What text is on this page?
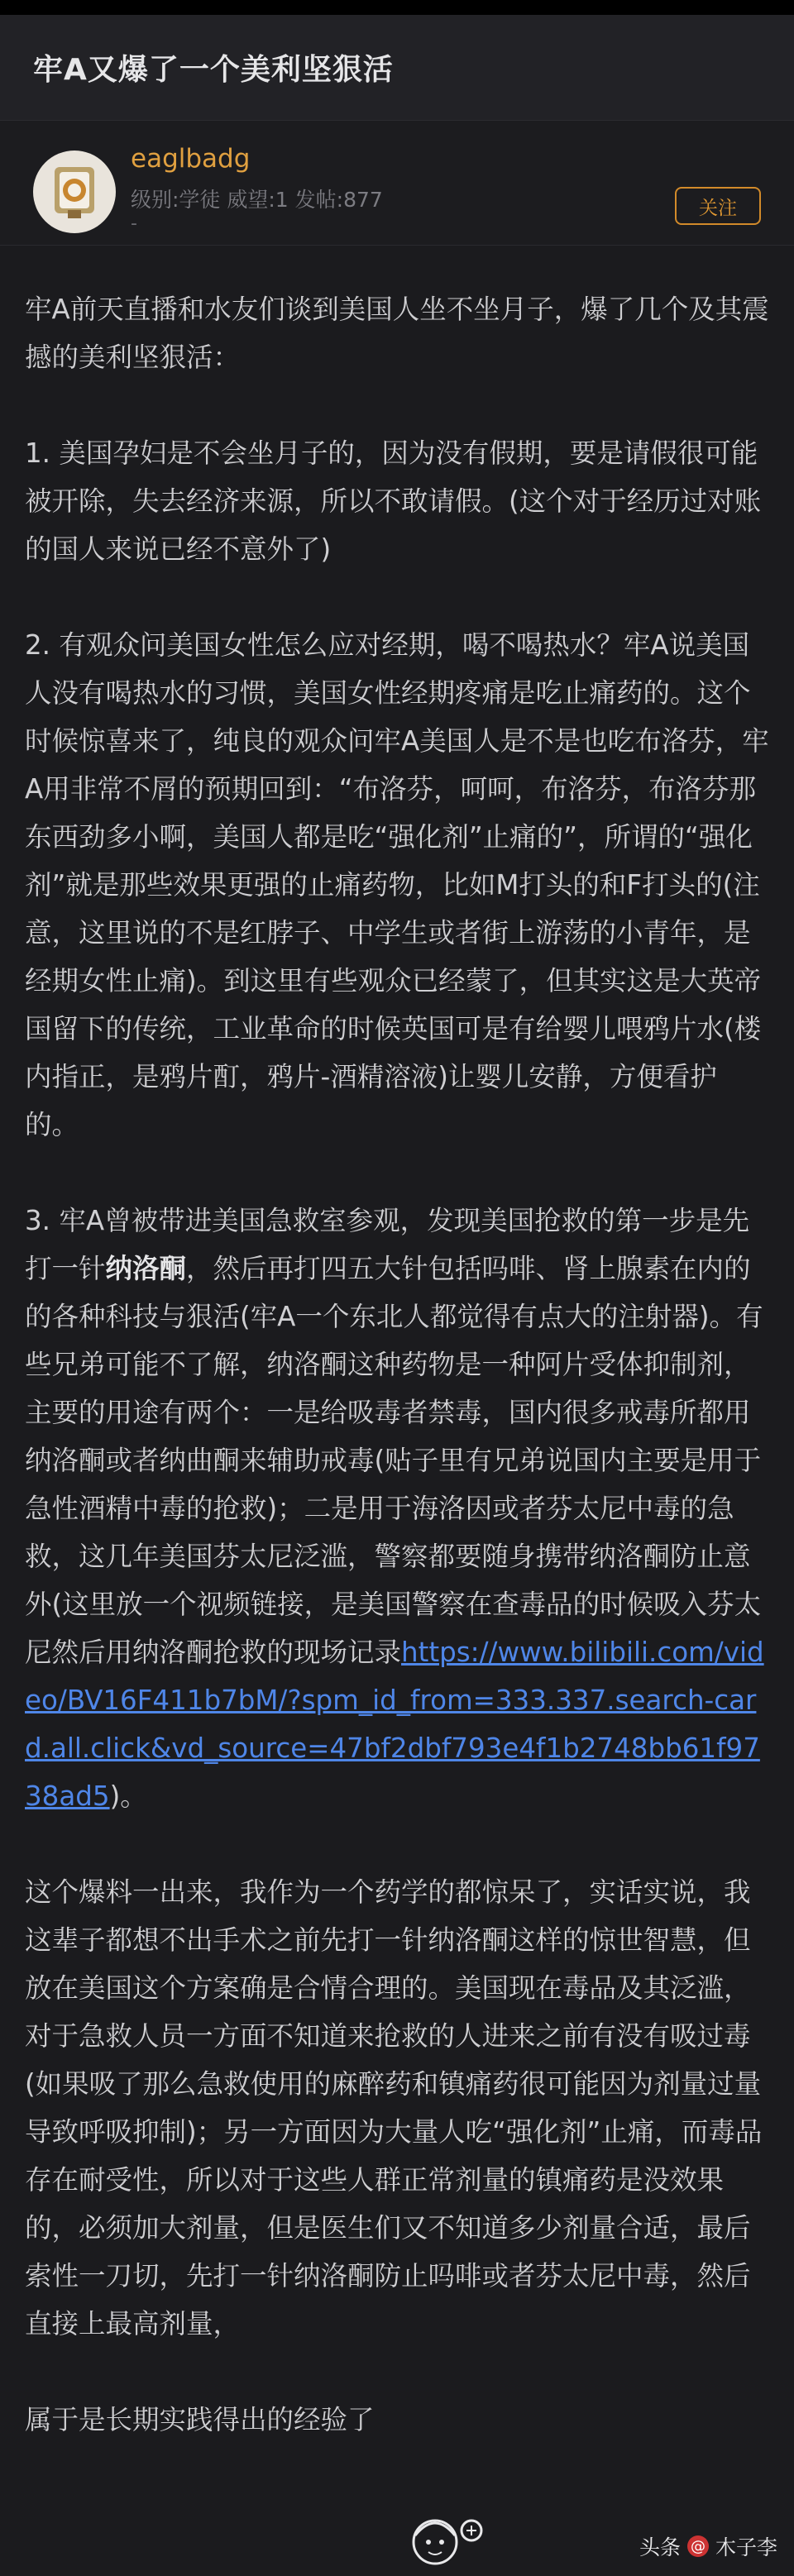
牢A又爆了一个美利坚狠活
eaglbadg
级别:学徒 威望:1 发帖:877
-
关注

牢A前天直播和水友们谈到美国人坐不坐月子，爆了几个及其震撼的美利坚狠活：

1. 美国孕妇是不会坐月子的，因为没有假期，要是请假很可能被开除，失去经济来源，所以不敢请假。(这个对于经历过对账的国人来说已经不意外了)

2. 有观众问美国女性怎么应对经期，喝不喝热水？牢A说美国人没有喝热水的习惯，美国女性经期疼痛是吃止痛药的。这个时候惊喜来了，纯良的观众问牢A美国人是不是也吃布洛芬，牢A用非常不屑的预期回到：“布洛芬，呵呵，布洛芬，布洛芬那东西劲多小啊，美国人都是吃“强化剂”止痛的”，所谓的“强化剂”就是那些效果更强的止痛药物，比如M打头的和F打头的(注意，这里说的不是红脖子、中学生或者街上游荡的小青年，是经期女性止痛)。到这里有些观众已经蒙了，但其实这是大英帝国留下的传统，工业革命的时候英国可是有给婴儿喂鸦片水(楼内指正，是鸦片酊，鸦片-酒精溶液)让婴儿安静，方便看护的。

3. 牢A曾被带进美国急救室参观，发现美国抢救的第一步是先打一针纳洛酮，然后再打四五大针包括吗啡、肾上腺素在内的的各种科技与狠活(牢A一个东北人都觉得有点大的注射器)。有些兄弟可能不了解，纳洛酮这种药物是一种阿片受体抑制剂，主要的用途有两个：一是给吸毒者禁毒，国内很多戒毒所都用纳洛酮或者纳曲酮来辅助戒毒(贴子里有兄弟说国内主要是用于急性酒精中毒的抢救)；二是用于海洛因或者芬太尼中毒的急救，这几年美国芬太尼泛滥，警察都要随身携带纳洛酮防止意外(这里放一个视频链接，是美国警察在查毒品的时候吸入芬太尼然后用纳洛酮抢救的现场记录https://www.bilibili.com/video/BV16F411b7bM/?spm_id_from=333.337.search-card.all.click&vd_source=47bf2dbf793e4f1b2748bb61f9738ad5)。

这个爆料一出来，我作为一个药学的都惊呆了，实话实说，我这辈子都想不出手术之前先打一针纳洛酮这样的惊世智慧，但放在美国这个方案确是合情合理的。美国现在毒品及其泛滥，对于急救人员一方面不知道来抢救的人进来之前有没有吸过毒(如果吸了那么急救使用的麻醉药和镇痛药很可能因为剂量过量导致呼吸抑制)；另一方面因为大量人吃“强化剂”止痛，而毒品存在耐受性，所以对于这些人群正常剂量的镇痛药是没效果的，必须加大剂量，但是医生们又不知道多少剂量合适，最后索性一刀切，先打一针纳洛酮防止吗啡或者芬太尼中毒，然后直接上最高剂量，

属于是长期实践得出的经验了

头条 @ 木子李
